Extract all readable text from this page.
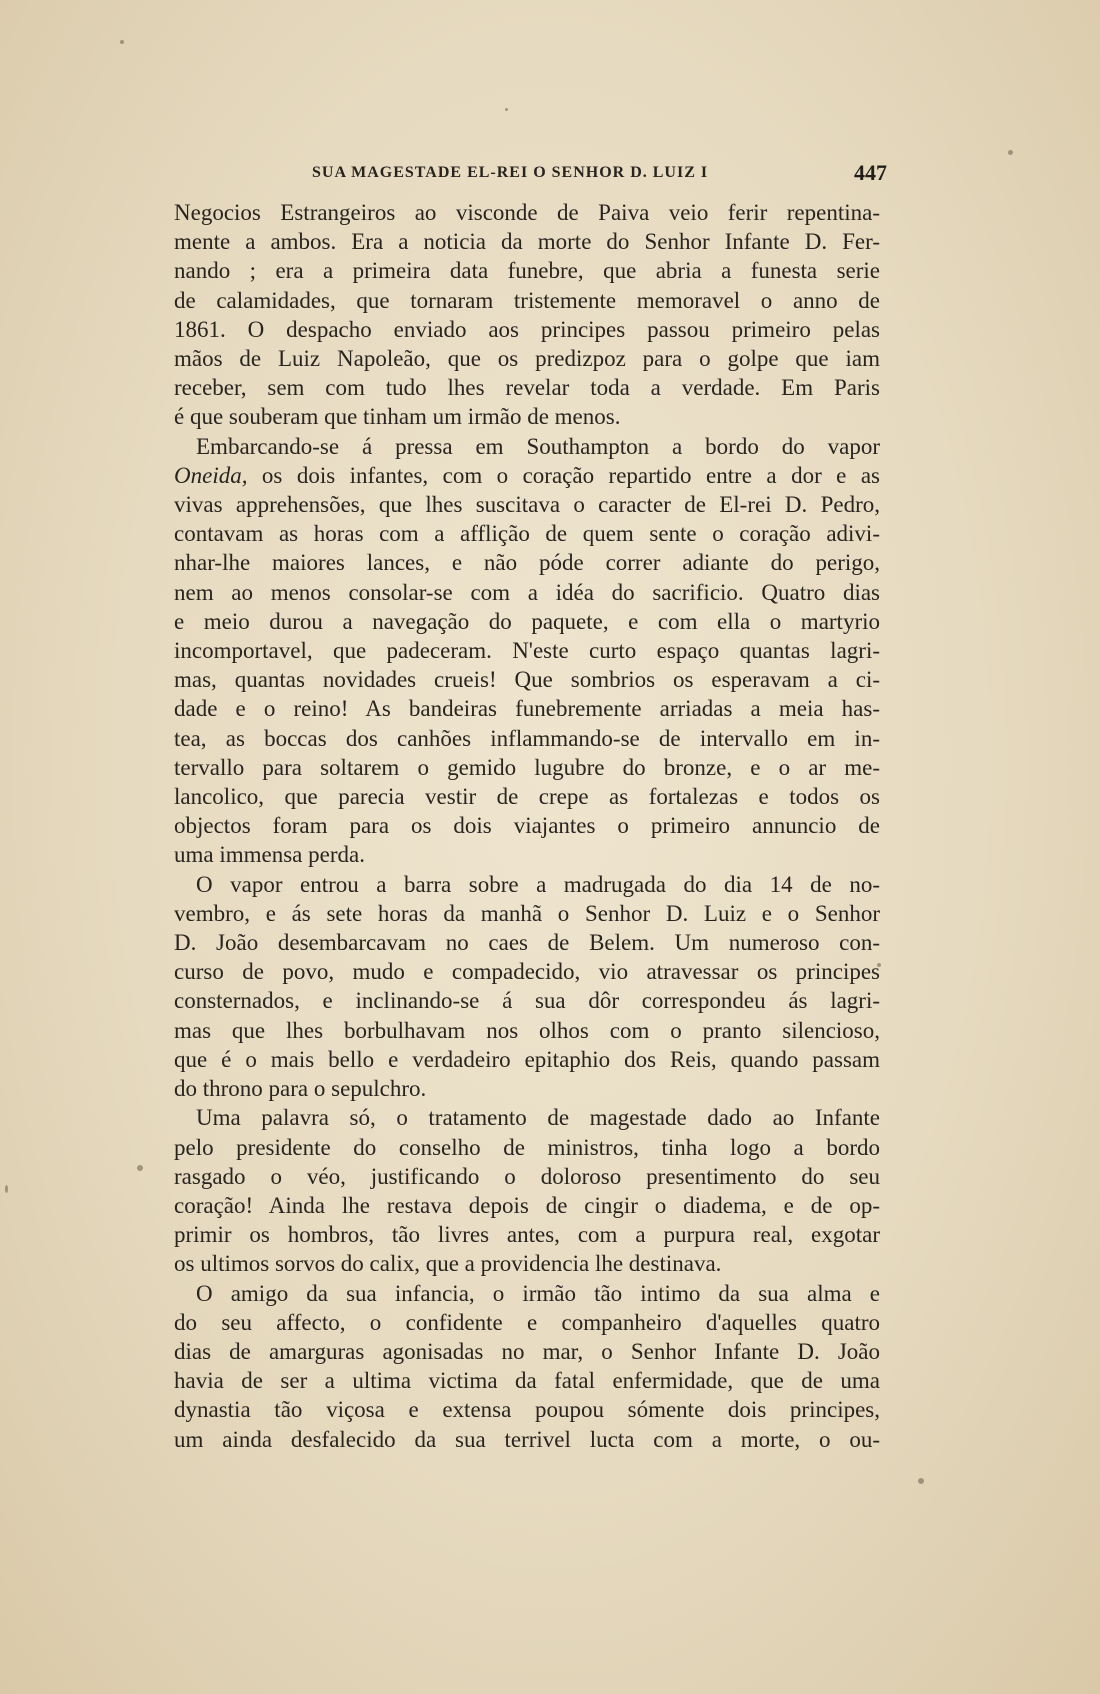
SUA MAGESTADE EL-REI O SENHOR D. LUIZ I	447

Negocios Estrangeiros ao visconde de Paiva veio ferir repentina-

mente a ambos. Era a noticia da morte do Senhor Infante D. Fer-

nando ; era a primeira data funebre, que abria a funesta serie

de calamidades, que tornaram tristemente memoravel o anno de

1861. O despacho enviado aos principes passou primeiro pelas

mãos de Luiz Napoleão, que os predizpoz para o golpe que iam

receber, sem com tudo lhes revelar toda a verdade. Em Paris

é que souberam que tinham um irmão de menos.

Embarcando-se á pressa em Southampton a bordo do vapor

Oneida, os dois infantes, com o coração repartido entre a dor e as

vivas apprehensões, que lhes suscitava o caracter de El-rei D. Pedro,

contavam as horas com a afflição de quem sente o coração adivi-

nhar-lhe maiores lances, e não póde correr adiante do perigo,

nem ao menos consolar-se com a idéa do sacrificio. Quatro dias

e meio durou a navegação do paquete, e com ella o martyrio

incomportavel, que padeceram. N'este curto espaço quantas lagri-

mas, quantas novidades crueis! Que sombrios os esperavam a ci-

dade e o reino! As bandeiras funebremente arriadas a meia has-

tea, as boccas dos canhões inflammando-se de intervallo em in-

tervallo para soltarem o gemido lugubre do bronze, e o ar me-

lancolico, que parecia vestir de crepe as fortalezas e todos os

objectos foram para os dois viajantes o primeiro annuncio de

uma immensa perda.

O vapor entrou a barra sobre a madrugada do dia 14 de no-

vembro, e ás sete horas da manhã o Senhor D. Luiz e o Senhor

D. João desembarcavam no caes de Belem. Um numeroso con-

curso de povo, mudo e compadecido, vio atravessar os principes

consternados, e inclinando-se á sua dôr correspondeu ás lagri-

mas que lhes borbulhavam nos olhos com o pranto silencioso,

que é o mais bello e verdadeiro epitaphio dos Reis, quando passam

do throno para o sepulchro.

Uma palavra só, o tratamento de magestade dado ao Infante

pelo presidente do conselho de ministros, tinha logo a bordo

rasgado o véo, justificando o doloroso presentimento do seu

coração! Ainda lhe restava depois de cingir o diadema, e de op-

primir os hombros, tão livres antes, com a purpura real, exgotar

os ultimos sorvos do calix, que a providencia lhe destinava.

O amigo da sua infancia, o irmão tão intimo da sua alma e

do seu affecto, o confidente e companheiro d'aquelles quatro

dias de amarguras agonisadas no mar, o Senhor Infante D. João

havia de ser a ultima victima da fatal enfermidade, que de uma

dynastia tão viçosa e extensa poupou sómente dois principes,

um ainda desfalecido da sua terrivel lucta com a morte, o ou-
